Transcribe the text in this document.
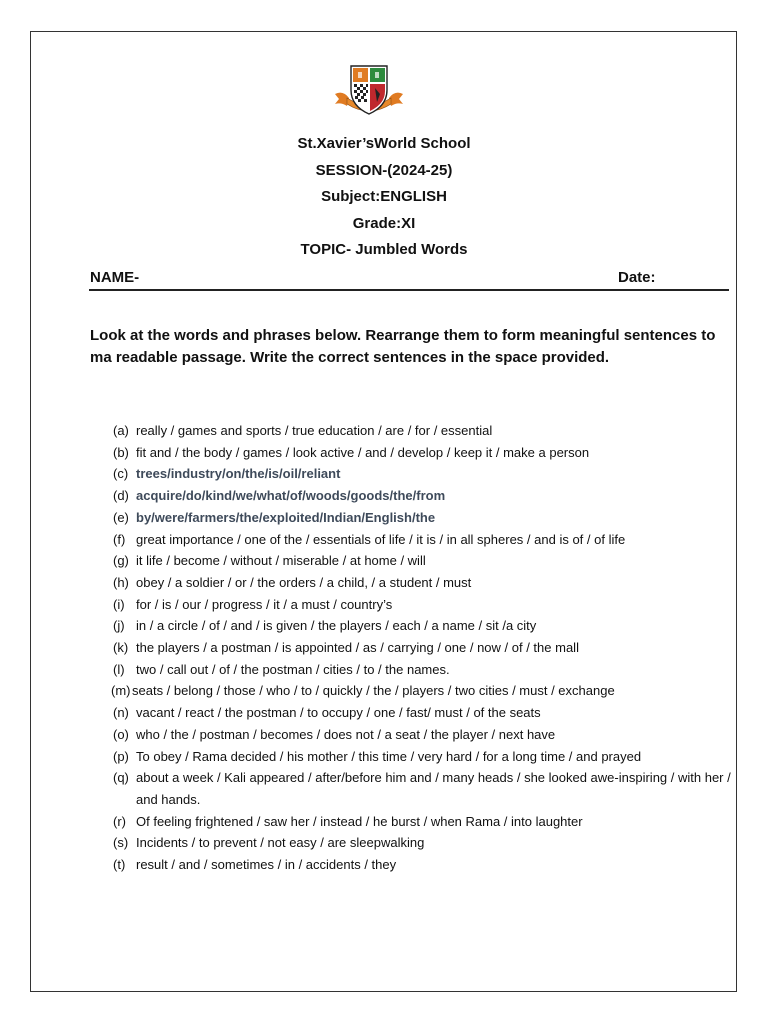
St.Xavier’sWorld School
SESSION-(2024-25)
Subject:ENGLISH
Grade:XI
TOPIC- Jumbled Words
NAME-	Date:
Look at the words and phrases below. Rearrange them to form meaningful sentences to ma readable passage. Write the correct sentences in the space provided.
(a) really / games and sports / true education / are / for / essential
(b) fit and / the body / games / look active / and / develop / keep it / make a person
(c) trees/industry/on/the/is/oil/reliant
(d) acquire/do/kind/we/what/of/woods/goods/the/from
(e) by/were/farmers/the/exploited/Indian/English/the
(f) great importance / one of the / essentials of life / it is / in all spheres / and is of / of life
(g) it life / become / without / miserable / at home / will
(h) obey / a soldier / or / the orders / a child, / a student / must
(i) for / is / our / progress / it / a must / country’s
(j) in / a circle / of / and / is given / the players / each / a name / sit /a city
(k) the players / a postman / is appointed / as / carrying / one / now / of / the mall
(l) two / call out / of / the postman / cities / to / the names.
(m) seats / belong / those / who / to / quickly / the / players / two cities / must / exchange
(n) vacant / react / the postman / to occupy / one / fast/ must / of the seats
(o) who / the / postman / becomes / does not / a seat / the player / next have
(p) To obey / Rama decided / his mother / this time / very hard / for a long time / and prayed
(q) about a week / Kali appeared / after/before him and / many heads / she looked awe-inspiring / with her / and hands.
(r) Of feeling frightened / saw her / instead / he burst / when Rama / into laughter
(s) Incidents / to prevent / not easy / are sleepwalking
(t) result / and / sometimes / in / accidents / they
